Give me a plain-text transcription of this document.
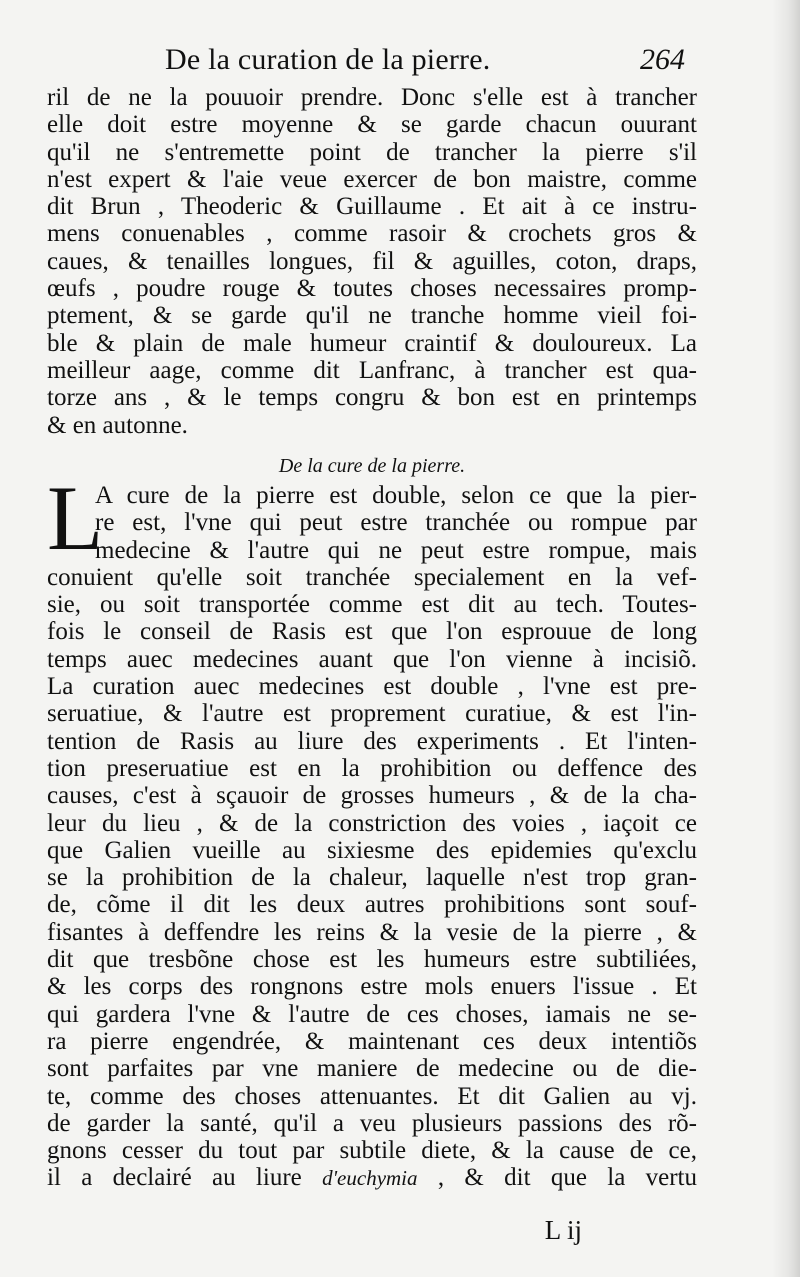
De la curation de la pierre.	264
ril de ne la pouuoir prendre. Donc s'elle est à trancher
elle doit estre moyenne & se garde chacun ouurant
qu'il ne s'entremette point de trancher la pierre s'il
n'est expert & l'aie veue exercer de bon maistre, comme
dit Brun , Theoderic & Guillaume . Et ait à ce instru-
mens conuenables , comme rasoir & crochets gros &
caues, & tenailles longues, fil & aguilles, coton, draps,
œufs , poudre rouge & toutes choses necessaires promp-
ptement, & se garde qu'il ne tranche homme vieil foi-
ble & plain de male humeur craintif & douloureux. La
meilleur aage, comme dit Lanfranc, à trancher est qua-
torze ans , & le temps congru & bon est en printemps
& en autonne.
De la cure de la pierre.
L
A cure de la pierre est double, selon ce que la pier-
re est, l'vne qui peut estre tranchée ou rompue par
medecine & l'autre qui ne peut estre rompue, mais
conuient qu'elle soit tranchée specialement en la vef-
sie, ou soit transportée comme est dit au tech. Toutes-
fois le conseil de Rasis est que l'on esprouue de long
temps auec medecines auant que l'on vienne à incisiõ.
La curation auec medecines est double , l'vne est pre-
seruatiue, & l'autre est proprement curatiue, & est l'in-
tention de Rasis au liure des experiments . Et l'inten-
tion preseruatiue est en la prohibition ou deffence des
causes, c'est à sçauoir de grosses humeurs , & de la cha-
leur du lieu , & de la constriction des voies , iaçoit ce
que Galien vueille au sixiesme des epidemies qu'exclu
se la prohibition de la chaleur, laquelle n'est trop gran-
de, cõme il dit les deux autres prohibitions sont souf-
fisantes à deffendre les reins & la vesie de la pierre , &
dit que tresbõne chose est les humeurs estre subtiliées,
& les corps des rongnons estre mols enuers l'issue . Et
qui gardera l'vne & l'autre de ces choses, iamais ne se-
ra pierre engendrée, & maintenant ces deux intentiõs
sont parfaites par vne maniere de medecine ou de die-
te, comme des choses attenuantes. Et dit Galien au vj.
de garder la santé, qu'il a veu plusieurs passions des rõ-
gnons cesser du tout par subtile diete, & la cause de ce,
il a declairé au liure d'euchymia , & dit que la vertu
L ij
